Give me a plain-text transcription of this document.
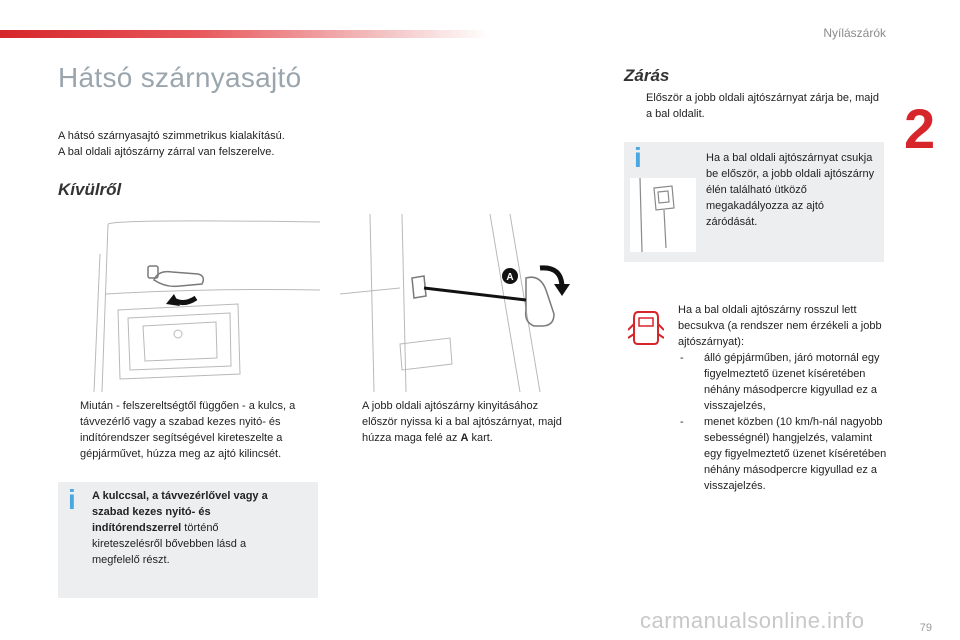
Nyílászárók
2
Hátsó szárnyasajtó
A hátsó szárnyasajtó szimmetrikus kialakítású.
A bal oldali ajtószárny zárral van felszerelve.
Kívülről
A
Miután - felszereltségtől függően - a kulcs, a távvezérlő vagy a szabad kezes nyitó- és indítórendszer segítségével kireteszelte a gépjárművet, húzza meg az ajtó kilincsét.
A jobb oldali ajtószárny kinyitásához először nyissa ki a bal ajtószárnyat, majd húzza maga felé az A kart.
i A kulccsal, a távvezérlővel vagy a szabad kezes nyitó- és indítórendszerrel történő kireteszelésről bővebben lásd a megfelelő részt.
Zárás
Először a jobb oldali ajtószárnyat zárja be, majd a bal oldalit.
i	Ha a bal oldali ajtószárnyat csukja be először, a jobb oldali ajtószárny élén található ütköző megakadályozza az ajtó záródását.
Ha a bal oldali ajtószárny rosszul lett becsukva (a rendszer nem érzékeli a jobb ajtószárnyat):
- álló gépjárműben, járó motornál egy figyelmeztető üzenet kíséretében néhány másodpercre kigyullad ez a visszajelzés,
- menet közben (10 km/h-nál nagyobb sebességnél) hangjelzés, valamint egy figyelmeztető üzenet kíséretében néhány másodpercre kigyullad ez a visszajelzés.
79
carmanualsonline.info
